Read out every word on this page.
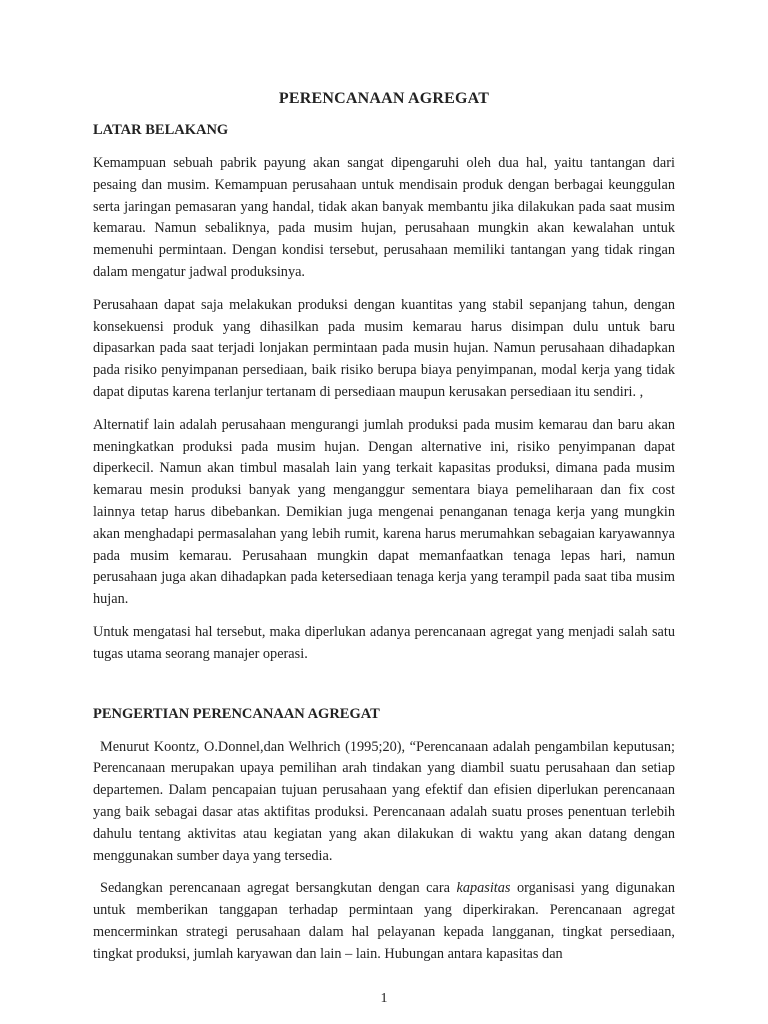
PERENCANAAN AGREGAT
LATAR BELAKANG

Kemampuan sebuah pabrik payung akan sangat dipengaruhi oleh dua hal, yaitu tantangan dari pesaing dan musim. Kemampuan perusahaan untuk mendisain produk dengan berbagai keunggulan serta jaringan pemasaran yang handal, tidak akan banyak membantu jika dilakukan pada saat musim kemarau. Namun sebaliknya, pada musim hujan, perusahaan mungkin akan kewalahan untuk memenuhi permintaan. Dengan kondisi tersebut, perusahaan memiliki tantangan yang tidak ringan dalam mengatur jadwal produksinya.

Perusahaan dapat saja melakukan produksi dengan kuantitas yang stabil sepanjang tahun, dengan konsekuensi produk yang dihasilkan pada musim kemarau harus disimpan dulu untuk baru dipasarkan pada saat terjadi lonjakan permintaan pada musin hujan. Namun perusahaan dihadapkan pada risiko penyimpanan persediaan, baik risiko berupa biaya penyimpanan, modal kerja yang tidak dapat diputas karena terlanjur tertanam di persediaan maupun kerusakan persediaan itu sendiri. ,

Alternatif lain adalah perusahaan mengurangi jumlah produksi pada musim kemarau dan baru akan meningkatkan produksi pada musim hujan. Dengan alternative ini, risiko penyimpanan dapat diperkecil. Namun akan timbul masalah lain yang terkait kapasitas produksi, dimana pada musim kemarau mesin produksi banyak yang menganggur sementara biaya pemeliharaan dan fix cost lainnya tetap harus dibebankan. Demikian juga mengenai penanganan tenaga kerja yang mungkin akan menghadapi permasalahan yang lebih rumit, karena harus merumahkan sebagaian karyawannya pada musim kemarau. Perusahaan mungkin dapat memanfaatkan tenaga lepas hari, namun perusahaan juga akan dihadapkan pada ketersediaan tenaga kerja yang terampil pada saat tiba musim hujan.

Untuk mengatasi hal tersebut, maka diperlukan adanya perencanaan agregat yang menjadi salah satu tugas utama seorang manajer operasi.

PENGERTIAN PERENCANAAN AGREGAT

Menurut Koontz, O.Donnel,dan Welhrich (1995;20), “Perencanaan adalah pengambilan keputusan; Perencanaan merupakan upaya pemilihan arah tindakan yang diambil suatu perusahaan dan setiap departemen. Dalam pencapaian tujuan perusahaan yang efektif dan efisien diperlukan perencanaan yang baik sebagai dasar atas aktifitas produksi. Perencanaan adalah suatu proses penentuan terlebih dahulu tentang aktivitas atau kegiatan yang akan dilakukan di waktu yang akan datang dengan menggunakan sumber daya yang tersedia.

Sedangkan perencanaan agregat bersangkutan dengan cara kapasitas organisasi yang digunakan untuk memberikan tanggapan terhadap permintaan yang diperkirakan. Perencanaan agregat mencerminkan strategi perusahaan dalam hal pelayanan kepada langganan, tingkat persediaan, tingkat produksi, jumlah karyawan dan lain – lain. Hubungan antara kapasitas dan

1
